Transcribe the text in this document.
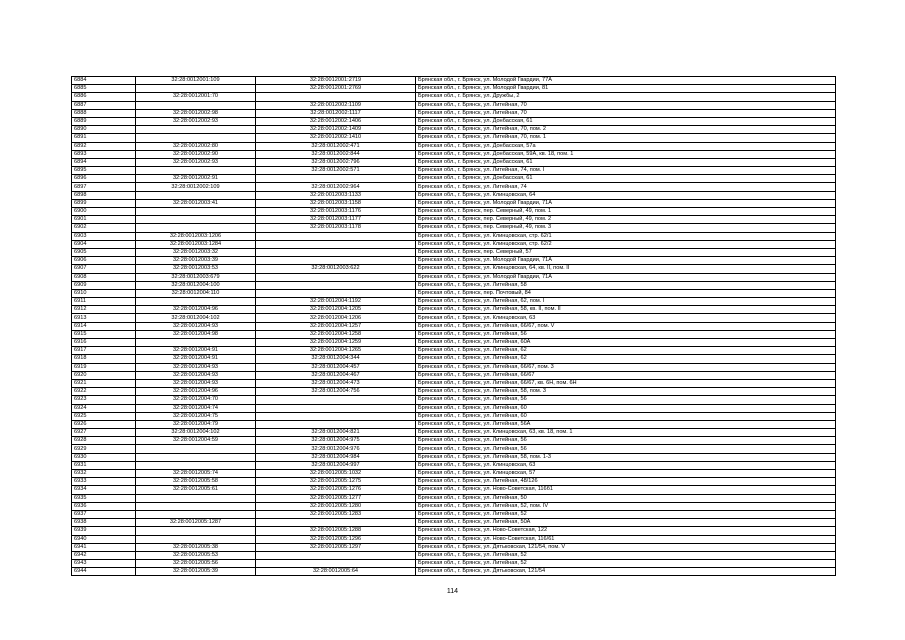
6884	32:28:0012001:109	32:28:0012001:2719	Брянская обл., г. Брянск, ул. Молодой Гвардии, 77А
6885		32:28:0012001:2769	Брянская обл., г. Брянск, ул. Молодой Гвардии, 81
6886	32:28:0012001:70		Брянская обл., г. Брянск, ул. Дружбы, 2
6887		32:28:0012002:1109	Брянская обл., г. Брянск, ул. Литейная, 70
6888	32:28:0012002:98	32:28:0012002:1117	Брянская обл., г. Брянск, ул. Литейная, 70
6889	32:28:0012002:93	32:28:0012002:1406	Брянская обл., г. Брянск, ул. Донбасская, 61
6890		32:28:0012002:1409	Брянская обл., г. Брянск, ул. Литейная, 70, пом. 2
6891		32:28:0012002:1410	Брянская обл., г. Брянск, ул. Литейная, 70, пом. 1
6892	32:28:0012002:80	32:28:0012002:471	Брянская обл., г. Брянск, ул. Донбасская, 57а
6893	32:28:0012002:90	32:28:0012002:844	Брянская обл., г. Брянск, ул. Донбасская, 59А, кв. 18, пом. 1
6894	32:28:0012002:93	32:28:0012002:796	Брянская обл., г. Брянск, ул. Донбасская, 61
6895		32:28:0012002:571	Брянская обл., г. Брянск, ул. Литейная, 74, пом. I
6896	32:28:0012002:91		Брянская обл., г. Брянск, ул. Донбасская, 61
6897	32:28:0012002:109	32:28:0012002:964	Брянская обл., г. Брянск, ул. Литейная, 74
6898		32:28:0012003:1133	Брянская обл., г. Брянск, ул. Клинцовская, 64
6899	32:28:0012003:41	32:28:0012003:1158	Брянская обл., г. Брянск, ул. Молодой Гвардии, 71А
6900		32:28:0012003:1176	Брянская обл., г. Брянск, пер. Северный, 49, пом. 1
6901		32:28:0012003:1177	Брянская обл., г. Брянск, пер. Северный, 49, пом. 2
6902		32:28:0012003:1178	Брянская обл., г. Брянск, пер. Северный, 49, пом. 3
6903	32:28:0012003:1206		Брянская обл., г. Брянск, ул. Клинцовская, стр. 62/1
6904	32:28:0012003:1284		Брянская обл., г. Брянск, ул. Клинцовская, стр. 62/2
6905	32:28:0012003:32		Брянская обл., г. Брянск, пер. Северный, 57
6906	32:28:0012003:39		Брянская обл., г. Брянск, ул. Молодой Гвардии, 71А
6907	32:28:0012003:53	32:28:0012003:622	Брянская обл., г. Брянск, ул. Клинцовская, 64, кв. II, пом. II
6908	32:28:0012003:679		Брянская обл., г. Брянск, ул. Молодой Гвардии, 71А
6909	32:28:0012004:100		Брянская обл., г. Брянск, ул. Литейная, 58
6910	32:28:0012004:110		Брянская обл., г. Брянск, пер. Почтовый, 84
6911		32:28:0012004:1192	Брянская обл., г. Брянск, ул. Литейная, 62, пом. I
6912	32:28:0012004:96	32:28:0012004:1205	Брянская обл., г. Брянск, ул. Литейная, 58, кв. II, пом. II
6913	32:28:0012004:102	32:28:0012004:1206	Брянская обл., г. Брянск, ул. Клинцовская, 63
6914	32:28:0012004:93	32:28:0012004:1257	Брянская обл., г. Брянск, ул. Литейная, 66/67, пом. V
6915	32:28:0012004:98	32:28:0012004:1258	Брянская обл., г. Брянск, ул. Литейная, 56
6916		32:28:0012004:1259	Брянская обл., г. Брянск, ул. Литейная, 60А
6917	32:28:0012004:91	32:28:0012004:1265	Брянская обл., г. Брянск, ул. Литейная, 62
6918	32:28:0012004:91	32:28:0012004:344	Брянская обл., г. Брянск, ул. Литейная, 62
6919	32:28:0012004:93	32:28:0012004:457	Брянская обл., г. Брянск, ул. Литейная, 66/67, пом. 3
6920	32:28:0012004:93	32:28:0012004:467	Брянская обл., г. Брянск, ул. Литейная, 66/67
6921	32:28:0012004:93	32:28:0012004:473	Брянская обл., г. Брянск, ул. Литейная, 66/67, кв. 6Н, пом. 6Н
6922	32:28:0012004:96	32:28:0012004:756	Брянская обл., г. Брянск, ул. Литейная, 58, пом. 3
6923	32:28:0012004:70		Брянская обл., г. Брянск, ул. Литейная, 56
6924	32:28:0012004:74		Брянская обл., г. Брянск, ул. Литейная, 60
6925	32:28:0012004:75		Брянская обл., г. Брянск, ул. Литейная, 60
6926	32:28:0012004:79		Брянская обл., г. Брянск, ул. Литейная, 56А
6927	32:28:0012004:102	32:28:0012004:821	Брянская обл., г. Брянск, ул. Клинцовская, 63, кв. 18, пом. 1
6928	32:28:0012004:59	32:28:0012004:975	Брянская обл., г. Брянск, ул. Литейная, 56
6929		32:28:0012004:976	Брянская обл., г. Брянск, ул. Литейная, 56
6930		32:28:0012004:984	Брянская обл., г. Брянск, ул. Литейная, 58, пом. 1-3
6931		32:28:0012004:997	Брянская обл., г. Брянск, ул. Клинцовская, 63
6932	32:28:0012005:74	32:28:0012005:1032	Брянская обл., г. Брянск, ул. Клинцовская, 57
6933	32:28:0012005:58	32:28:0012005:1275	Брянская обл., г. Брянск, ул. Литейная, 48/126
6934	32:28:0012005:61	32:28:0012005:1276	Брянская обл., г. Брянск, ул. Ново-Советская, 116б1
6935		32:28:0012005:1277	Брянская обл., г. Брянск, ул. Литейная, 50
6936		32:28:0012005:1280	Брянская обл., г. Брянск, ул. Литейная, 52, пом. IV
6937		32:28:0012005:1283	Брянская обл., г. Брянск, ул. Литейная, 52
6938	32:28:0012005:1287		Брянская обл., г. Брянск, ул. Литейная, 50А
6939		32:28:0012005:1288	Брянская обл., г. Брянск, ул. Ново-Советская, 122
6940		32:28:0012005:1296	Брянская обл., г. Брянск, ул. Ново-Советская, 116/61
6941	32:28:0012005:38	32:28:0012005:1297	Брянская обл., г. Брянск, ул. Дятьковская, 121/54, пом. V
6942	32:28:0012005:53		Брянская обл., г. Брянск, ул. Литейная, 52
6943	32:28:0012005:56		Брянская обл., г. Брянск, ул. Литейная, 52
6944	32:28:0012005:39	32:28:0012005:64	Брянская обл., г. Брянск, ул. Дятьковская, 121/54
114
